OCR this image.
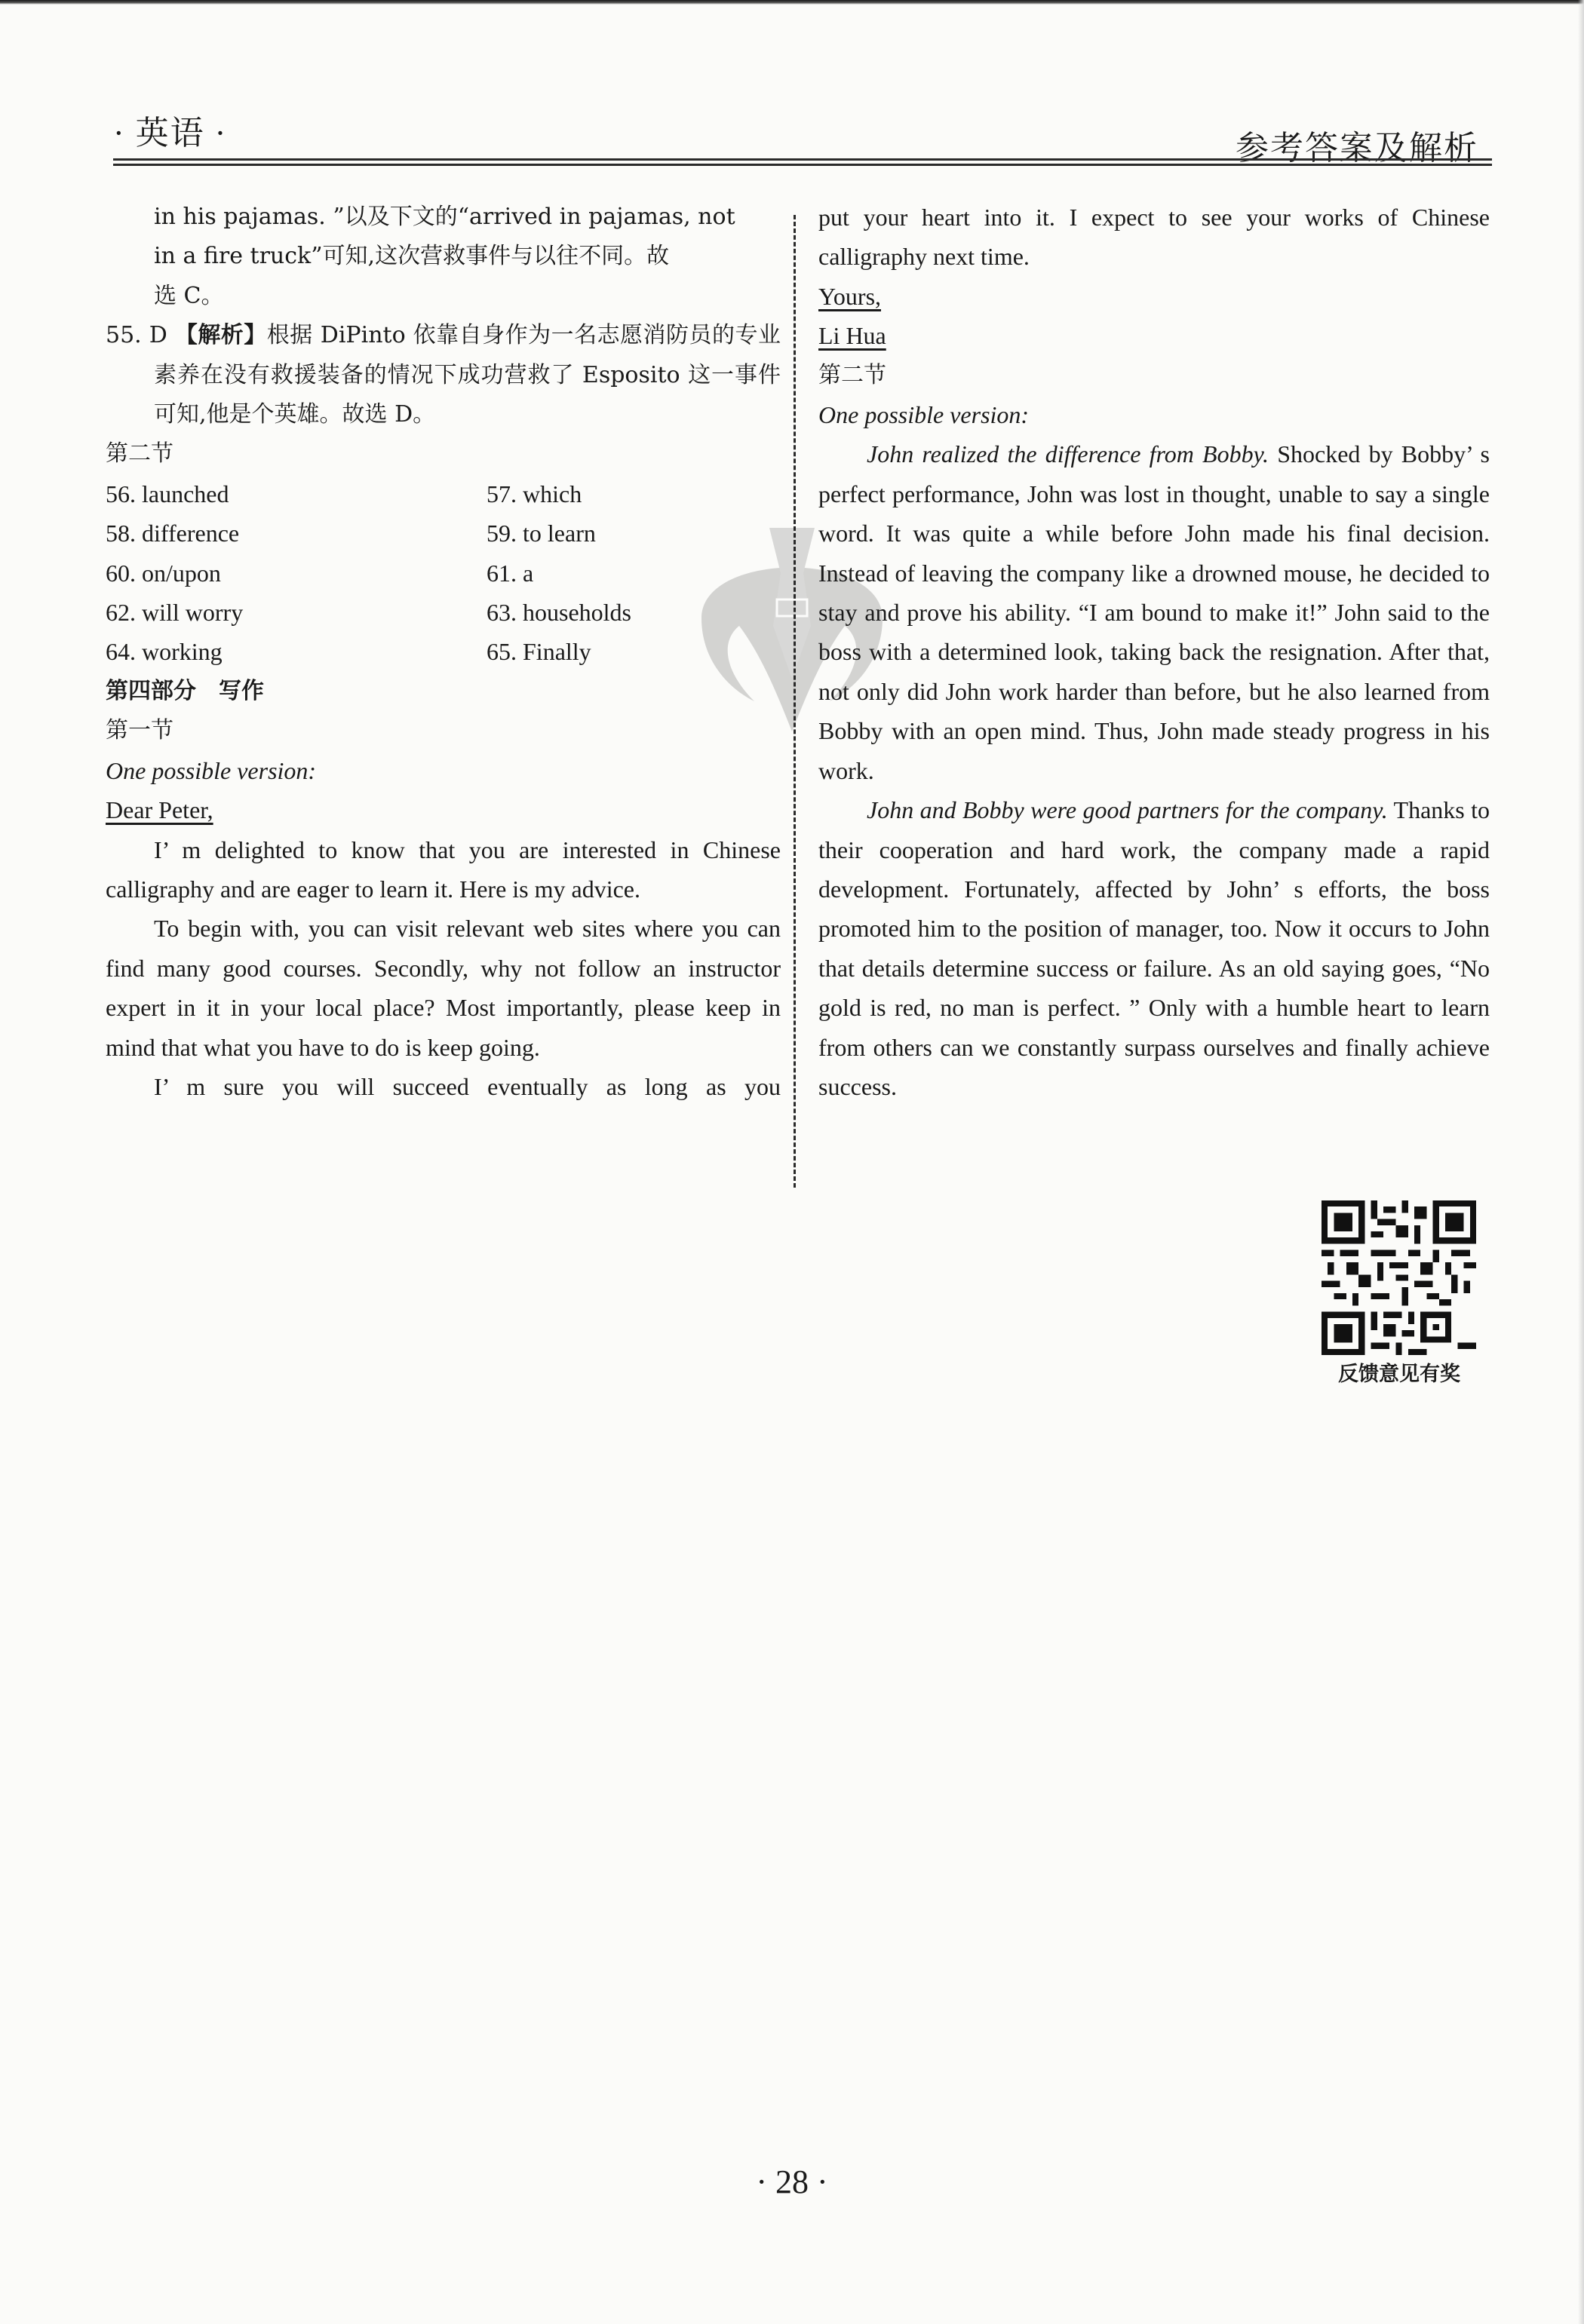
· 英语 ·	参考答案及解析

in his pajamas. ”以及下文的“arrived in pajamas, not

in a fire truck”可知,这次营救事件与以往不同。故

选 C。

55. D 【解析】根据 DiPinto 依靠自身作为一名志愿消防员的专业素养在没有救援装备的情况下成功营救了 Esposito 这一事件可知,他是个英雄。故选 D。

第二节

56. launched	57. which
58. difference	59. to learn
60. on/upon	61. a
62. will worry	63. households
64. working	65. Finally

第四部分　写作

第一节

One possible version:

Dear Peter,

I’ m delighted to know that you are interested in Chinese calligraphy and are eager to learn it. Here is my advice.

To begin with, you can visit relevant web sites where you can find many good courses. Secondly, why not follow an instructor expert in it in your local place? Most importantly, please keep in mind that what you have to do is keep going.

I’ m sure you will succeed eventually as long as you

put your heart into it. I expect to see your works of Chinese calligraphy next time.

Yours,

Li Hua

第二节

One possible version:

John realized the difference from Bobby. Shocked by Bobby’ s perfect performance, John was lost in thought, unable to say a single word. It was quite a while before John made his final decision. Instead of leaving the company like a drowned mouse, he decided to stay and prove his ability. “I am bound to make it!” John said to the boss with a determined look, taking back the resignation. After that, not only did John work harder than before, but he also learned from Bobby with an open mind. Thus, John made steady progress in his work.

John and Bobby were good partners for the company. Thanks to their cooperation and hard work, the company made a rapid development. Fortunately, affected by John’ s efforts, the boss promoted him to the position of manager, too. Now it occurs to John that details determine success or failure. As an old saying goes, “No gold is red, no man is perfect. ” Only with a humble heart to learn from others can we constantly surpass ourselves and finally achieve success.

反馈意见有奖
· 28 ·
